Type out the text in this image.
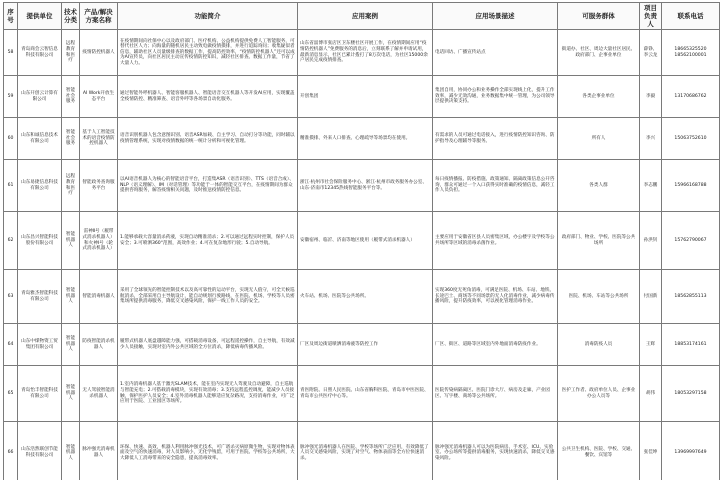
序号	提供单位	技术分类	产品/解决方案名称	功能简介	应用案例	应用场景描述	可服务群体	项目负责人	联系电话
58	青岛商会云智信息科技有限公司	远程教育和医疗	疫情防控机器人	在疫情期间向社保中心以及政府部门、医疗机构、公益机构提供免费人工智能服务，可替代社区人力；向海量的随机居民主动致电做疫情摸排，并进行追踪询问；收集疑似者信息，辅助社区人员量级排查的数据工作，提高防控效率，“疫情防控机器人”还可以成为AI宣传员，向社区居民主动宣传疫情防控知识，减轻社区排查、数据工作量，节省了大量人力。	山东省淄博市张店区卫东楼社区开展工作，在疫情期间应用“疫情防控机器人”免费服务的消息后，立刻联系了解并申请试用，最新消息显示，社区已累计拨打了8万次电话，为社区15000余户居民完成疫情排查。	电话回访、广播宣传站点	街道办、社区、周边大量社区居民、政府部门、企事业单位	薛铮、李云龙	18665325520
18562100001
59	山东开创云计算有限公司	智能社会服务	AI Work开放生态平台	通过智能外呼机器人、智能客服机器人、智能语音交互机器人等开发AI应用，实现覆盖全疫情防控、精准筛查、语音外呼等各场景自动化服务。	开创集团	集团自用，协同办公和业务操作全部实现线上化，提升工作效率，减少无效沟通，业务数据集中统一管理，为公司领导层提供决策支持。	各类企事业单位	李毅	13170686762
60	山东和诚信息技术有限公司	智能社会服务	基于人工智能技术的语音疫情防控机器人	语音识别机器人包含意图识别、语音ASR加载、自主学习、自动打分等功能，同时辅以疫情管理系统，实现对疫情数据的统一统计分析和可视化管理。	精准摸排、外来人口排查、心理疏导等场景均在使用。	有需求的人员可通过电话接入，进行疫情防控知识咨询、防护指导及心理辅导等服务。	所有人	李兴	15063752610
61	山东易捷信息科技有限公司	远程教育和医疗	智能政务查询服务平台	以AI语音机器人为核心的智能语音平台，打造集ASR（语音识别）、TTS（语音合成）、NLP（语义理解）、IM（对话管理）等功能于一体的智能交互平台，在疫情期间为群众提供咨询服务，解答疫情相关问题，及时推送疫情防控信息。	浙江·杭州市社会保险服务中心、浙江·杭州市政务服务办公室、山东·济南市12345热线智能服务平台等。	每日疫情播报、防疫措施、政策通知、隔离政策信息公开咨询，群众可通过一个入口获得实时准确的疫情信息，减轻工作人员负担。	各类人群	李志鹏	15966168788
62	山东昌兴智能科技股份有限公司	智能机器人	雷神Ⅱ号（履带式消杀机器人）和火神Ⅰ号（轮式消杀机器人）	1.能够承载大容量消杀药液，实现自动精准消杀；2.可以通过远程实时控制，保护人员安全；3.可喷洒360°范围，高效作业；4.可在复杂地形行驶；5.自动导航。	安徽宿州、临沂、济南等地区使用（履带式消杀机器人）	主要应用于安徽省区县人员密集区域，办公楼宇及学校等公共场所等区域的消毒杀菌作业。	政府部门、物业、学校、医院等公共场所	孙洪钊	15762790067
63	青岛雅杰智能科技有限公司	智能机器人	智能消毒机器人	采用了全球领先的智能控制技术以及高可靠性的运动平台，实现无人值守，可全天候巡航消杀，全部采用自主导航设计，能自动规划行驶路线，在医院、机场、学校等人员密集场所提供消毒服务，降低交叉感染风险，保护一线工作人员的安全。	火车站、机场、医院等公共场所。	实现360度无死角消毒，可满足医院、机场、车站、地铁、长途巴士、商场等不同场景的无人化消毒作业，减少病毒传播风险，提升防疫效率，可以视化管理消毒作业。	医院、机场、车站等公共场所	付国新	18562855113
64	山东中煤物资工贸集团有限公司	智能机器人	防疫智能消杀机器人	履带式机器人底盘越障能力强，可搭载消毒设备，可远程遥控操作，自主导航，有效减少人员接触，实现对室内外公共区域的全方位消杀，降低病毒传播风险。	厂区及周边街道喷洒消毒液等防控工作	厂区、街区、道路等区域室内外地面消毒防疫作业。	消毒防疫人员	王辉	18853174161
65	青岛怡丰智能科技有限公司	智能机器人	无人驾驶智能消杀机器人	1.室内消毒机器人基于激光SLAM技术，能在室内实现无人驾驶及自动避障，自主巡航与智能充电；2.可搭载消毒模块，实现有效消毒；3.支持远程监控调度，能减少人员接触，保护医护人员安全；4.室外消毒机器人能够适应复杂路况，支持消毒作业，可广泛应用于医院、工业园区等场所。	青医附院、日照人民医院、山东省胸科医院、青岛市中医医院、青岛市公共医疗中心等。	医院传染病隔离区、医院门诊大厅、病房及走廊，产业园区、写字楼、商场等公共场所。	医护工作者、政府单位人员、企事业办公人员等	胡伟	18053297158
66	山东浩然联创节能科技有限公司	智能机器人	脉冲强光消毒机器人	环保、快速、高效，机器人利用脉冲强光技术，可广谱杀灭病原微生物，实现对物体表面及空气的快速消毒，对人员影响小，无化学残留，可用于医院、学校等公共场所，大大降低人工消毒带来的安全隐患，提高消毒效率。	脉冲强光消毒机器人在医院、学校等场所广泛应用，有效降低了人员交叉感染风险，实现了对空气、物体表面等全方位快速消杀。	脉冲强光消毒机器人可以为医院病房、手术室、ICU、实验室、办公场所等提供消毒服务，实现快速消杀，降低交叉感染风险。	公共卫生机构、医院、学校、交通、餐饮、宾馆等	张佳坤	13969997649
